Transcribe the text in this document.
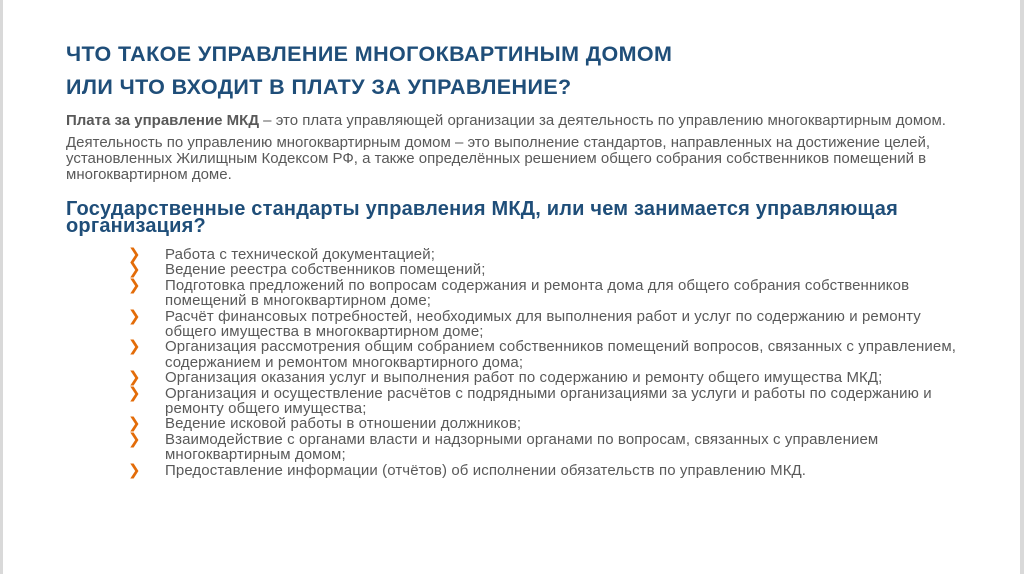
ЧТО ТАКОЕ УПРАВЛЕНИЕ МНОГОКВАРТИНЫМ ДОМОМ
ИЛИ ЧТО ВХОДИТ В ПЛАТУ ЗА УПРАВЛЕНИЕ?

Плата за управление МКД – это плата управляющей организации за деятельность по управлению многоквартирным домом.

Деятельность по управлению многоквартирным домом – это выполнение стандартов, направленных на достижение целей, установленных Жилищным Кодексом РФ, а также определённых решением общего собрания собственников помещений в многоквартирном доме.

Государственные стандарты управления МКД, или чем занимается управляющая организация?
❯ Работа с технической документацией;
❯ Ведение реестра собственников помещений;
❯ Подготовка предложений по вопросам содержания и ремонта дома для общего собрания собственников помещений в многоквартирном доме;
❯ Расчёт финансовых потребностей, необходимых для выполнения работ и услуг по содержанию и ремонту общего имущества в многоквартирном доме;
❯ Организация рассмотрения общим собранием собственников помещений вопросов, связанных с управлением, содержанием и ремонтом многоквартирного дома;
❯ Организация оказания услуг и выполнения работ по содержанию и ремонту общего имущества МКД;
❯ Организация и осуществление расчётов с подрядными организациями за услуги и работы по содержанию и ремонту общего имущества;
❯ Ведение исковой работы в отношении должников;
❯ Взаимодействие с органами власти и надзорными органами по вопросам, связанных с управлением многоквартирным домом;
❯ Предоставление информации (отчётов) об исполнении обязательств по управлению МКД.
